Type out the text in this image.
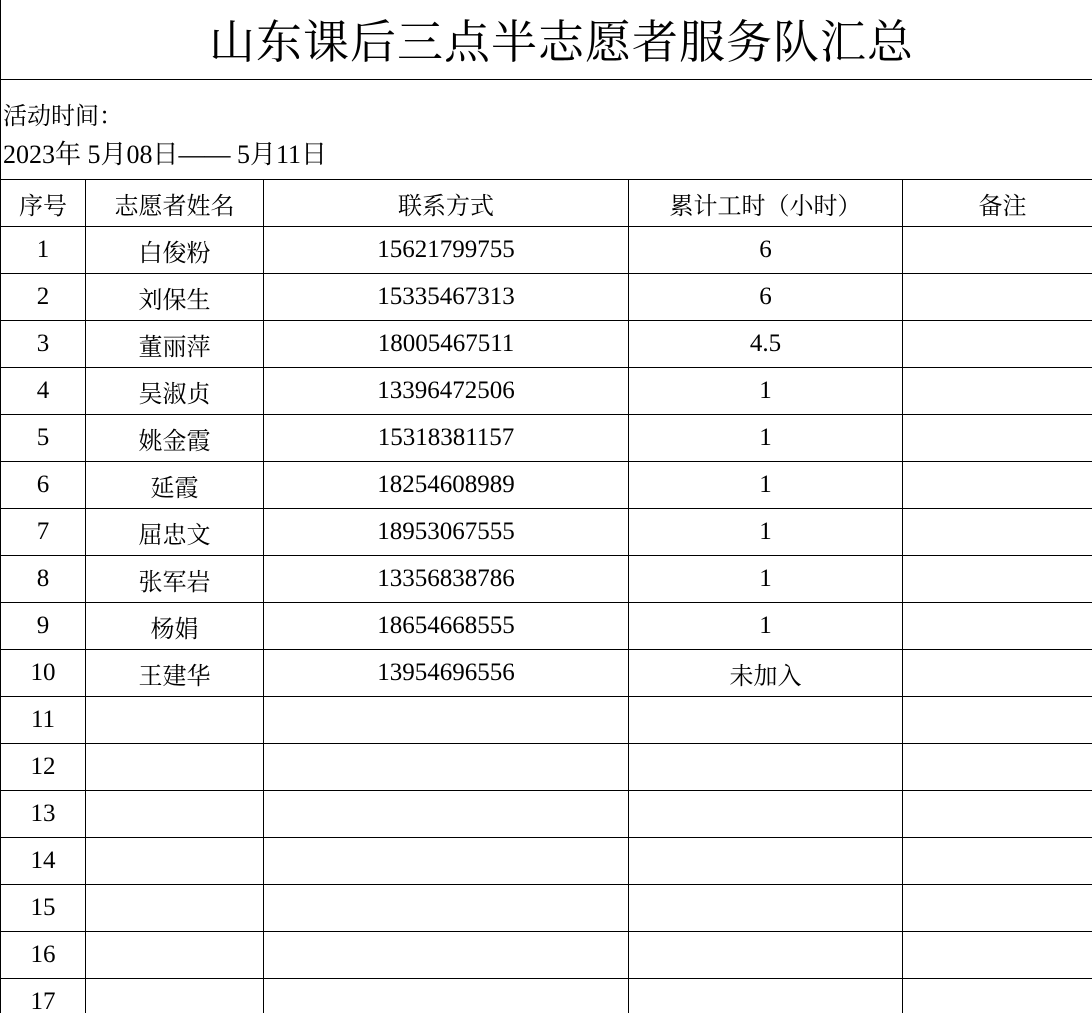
山东课后三点半志愿者服务队汇总
活动时间：
2023年 5月08日—— 5月11日
序号	志愿者姓名	联系方式	累计工时（小时）	备注
1	白俊粉	15621799755	6	
2	刘保生	15335467313	6	
3	董丽萍	18005467511	4.5	
4	吴淑贞	13396472506	1	
5	姚金霞	15318381157	1	
6	延霞	18254608989	1	
7	屈忠文	18953067555	1	
8	张军岩	13356838786	1	
9	杨娟	18654668555	1	
10	王建华	13954696556	未加入	
11				
12				
13				
14				
15				
16				
17				
